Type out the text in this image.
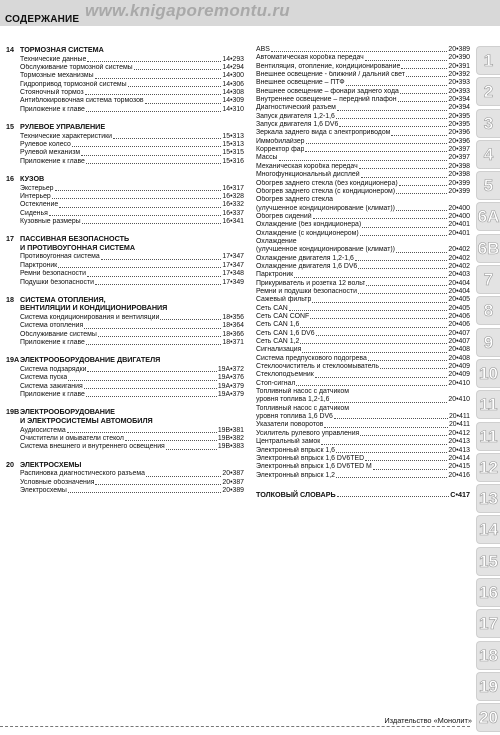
www.knigaporemontu.ru
СОДЕРЖАНИЕ
14 ТОРМОЗНАЯ СИСТЕМА
Технические данные	14•293
Обслуживание тормозной системы	14•294
Тормозные механизмы	14•300
Гидропривод тормозной системы	14•306
Стояночный тормоз	14•308
Антиблокировочная система тормозов	14•309
Приложение к главе	14•310
15 РУЛЕВОЕ УПРАВЛЕНИЕ
Технические характеристики	15•313
Рулевое колесо	15•313
Рулевой механизм	15•315
Приложение к главе	15•316
16 КУЗОВ
Экстерьер	16•317
Интерьер	16•328
Остекление	16•332
Сиденья	16•337
Кузовные размеры	16•341
17 ПАССИВНАЯ БЕЗОПАСНОСТЬ
И ПРОТИВОУГОННАЯ СИСТЕМА
Противоугонная система	17•347
Парктроник	17•347
Ремни безопасности	17•348
Подушки безопасности	17•349
18 СИСТЕМА ОТОПЛЕНИЯ,
ВЕНТИЛЯЦИИ И КОНДИЦИОНИРОВАНИЯ
Система кондиционирования и вентиляции	18•356
Система отопления	18•364
Обслуживание системы	18•366
Приложение к главе	18•371
19АЭЛЕКТРООБОРУДОВАНИЕ ДВИГАТЕЛЯ
Система подзарядки	19А•372
Система пуска	19А•376
Система зажигания	19А•379
Приложение к главе	19А•379
19ВЭЛЕКТРООБОРУДОВАНИЕ
И ЭЛЕКТРОСИСТЕМЫ АВТОМОБИЛЯ
Аудиосистема	19В•381
Очистители и омыватели стекол	19В•382
Система внешнего и внутреннего освещения	19В•383
20 ЭЛЕКТРОСХЕМЫ
Распиновка диагностического разъема	20•387
Условные обозначения	20•387
Электросхемы	20•389
ABS	20•389
Автоматическая коробка передач	20•390
Вентиляция, отопление, кондиционирование	20•391
Внешнее освещение - ближний / дальний свет	20•392
Внешнее освещение – ПТФ	20•393
Внешнее освещение – фонари заднего хода	20•393
Внутреннее освещение – передний плафон	20•394
Диагностический разъем	20•394
Запуск двигателя 1,2-1,6	20•395
Запуск двигателя 1,6 DV6	20•395
Зеркала заднего вида с электроприводом	20•396
Иммобилайзер	20•396
Корректор фар	20•397
Массы	20•397
Механическая коробка передач	20•398
Многофункциональный дисплей	20•398
Обогрев заднего стекла (без кондиционера)	20•399
Обогрев заднего стекла (с кондиционером)	20•399
Обогрев заднего стекла
(улучшенное кондиционирование (климат))	20•400
Обогрев сидений	20•400
Охлаждение (без кондиционера)	20•401
Охлаждение (с кондиционером)	20•401
Охлаждение
(улучшенное кондиционирование (климат))	20•402
Охлаждение двигателя 1,2-1,6	20•402
Охлаждение двигателя 1,6 DV6	20•402
Парктроник	20•403
Прикуриватель и розетка 12 вольт	20•404
Ремни и подушки безопасности	20•404
Сажевый фильтр	20•405
Сеть CAN	20•405
Сеть CAN CONF	20•406
Сеть CAN 1,6	20•406
Сеть CAN 1,6 DV6	20•407
Сеть CAN 1,2	20•407
Сигнализация	20•408
Система предпускового подогрева	20•408
Стеклоочиститель и стеклоомыватель	20•409
Стеклоподъемник	20•409
Стоп-сигнал	20•410
Топливный насос с датчиком
уровня топлива 1,2-1,6	20•410
Топливный насос с датчиком
уровня топлива 1,6 DV6	20•411
Указатели поворотов	20•411
Усилитель рулевого управления	20•412
Центральный замок	20•413
Электронный впрыск 1,6	20•413
Электронный впрыск 1,6 DV6TED	20•414
Электронный впрыск 1,6 DV6TED M	20•415
Электронный впрыск 1,2	20•416
ТОЛКОВЫЙ СЛОВАРЬ	С•417
1
2
3
4
5
6A
6B
7
8
9
10
11
11
12
13
14
15
16
17
18
19
20
Издательство «Монолит»
